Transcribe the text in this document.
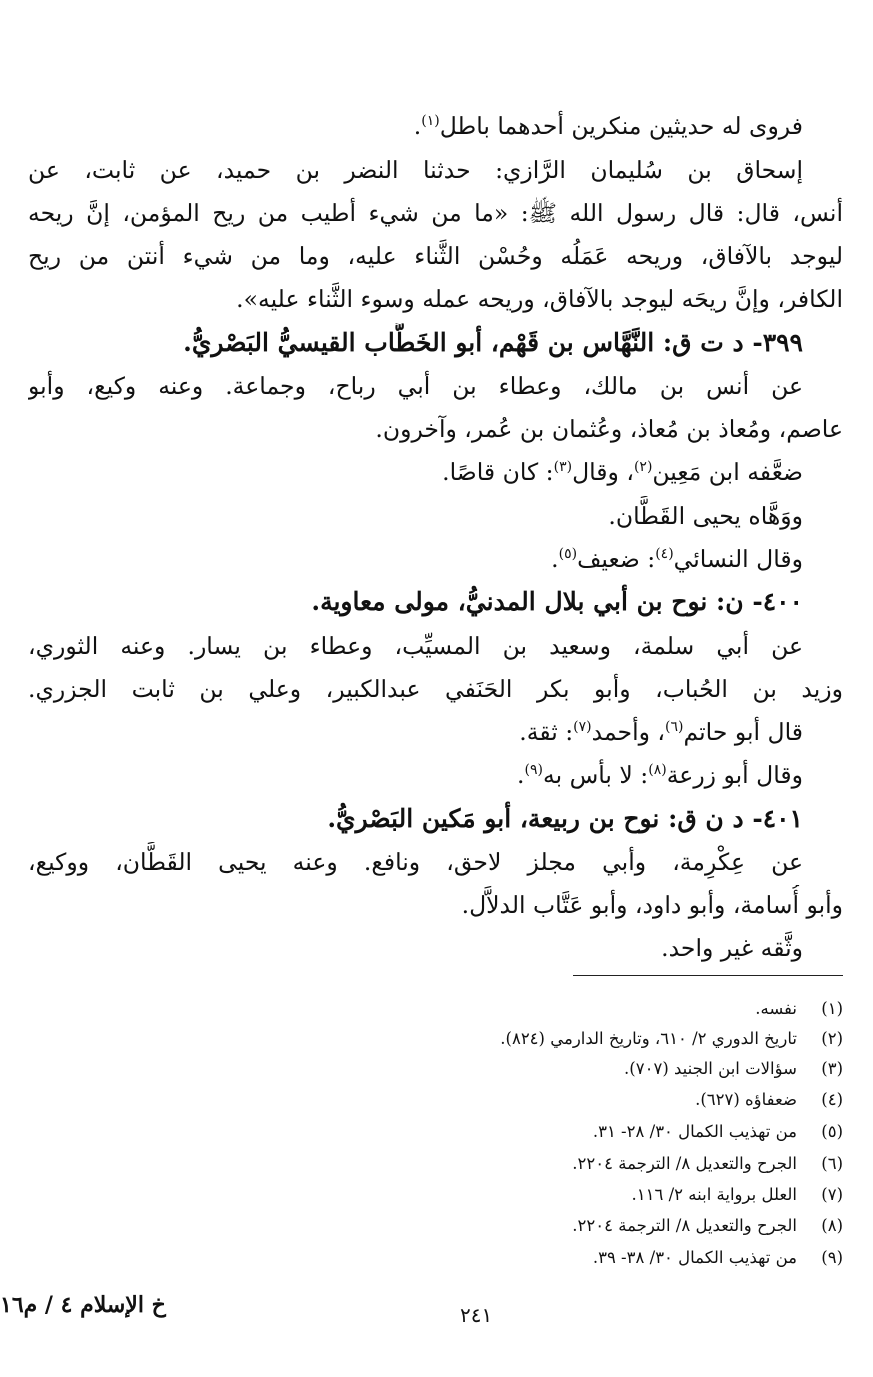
فروى له حديثين منكرين أحدهما باطل$^{(١)}$.
إسحاق بن سُليمان الرَّازي: حدثنا النضر بن حميد، عن ثابت، عن
أنس، قال: قال رسول الله ﷺ: «ما من شيء أطيب من ريح المؤمن، إنَّ ريحه
ليوجد بالآفاق، وريحه عَمَلُه وحُسْن الثَّناء عليه، وما من شيء أنتن من ريح
الكافر، وإنَّ ريحَه ليوجد بالآفاق، وريحه عمله وسوء الثَّناء عليه».
٣٩٩- د ت ق: النَّهَّاس بن قَهْم، أبو الخَطَّاب القيسيُّ البَصْريُّ.
عن أنس بن مالك، وعطاء بن أبي رباح، وجماعة. وعنه وكيع، وأبو
عاصم، ومُعاذ بن مُعاذ، وعُثمان بن عُمر، وآخرون.
ضعَّفه ابن مَعِين$^{(٢)}$، وقال$^{(٣)}$: كان قاصًا.
ووَهَّاه يحيى القَطَّان.
وقال النسائي$^{(٤)}$: ضعيف$^{(٥)}$.
٤٠٠- ن: نوح بن أبي بلال المدنيُّ، مولى معاوية.
عن أبي سلمة، وسعيد بن المسيِّب، وعطاء بن يسار. وعنه الثوري،
وزيد بن الحُباب، وأبو بكر الحَنَفي عبدالكبير، وعلي بن ثابت الجزري.
قال أبو حاتم$^{(٦)}$، وأحمد$^{(٧)}$: ثقة.
وقال أبو زرعة$^{(٨)}$: لا بأس به$^{(٩)}$.
٤٠١- د ن ق: نوح بن ربيعة، أبو مَكين البَصْريُّ.
عن عِكْرِمة، وأبي مجلز لاحق، ونافع. وعنه يحيى القَطَّان، ووكيع،
وأبو أُسامة، وأبو داود، وأبو عَتَّاب الدلاَّل.
وثَّقه غير واحد.
(١)نفسه.
(٢)تاريخ الدوري ٢/ ٦١٠، وتاريخ الدارمي (٨٢٤).
(٣)سؤالات ابن الجنيد (٧٠٧).
(٤)ضعفاؤه (٦٢٧).
(٥)من تهذيب الكمال ٣٠/ ٢٨- ٣١.
(٦)الجرح والتعديل ٨/ الترجمة ٢٢٠٤.
(٧)العلل برواية ابنه ٢/ ١١٦.
(٨)الجرح والتعديل ٨/ الترجمة ٢٢٠٤.
(٩)من تهذيب الكمال ٣٠/ ٣٨- ٣٩.
خ الإسلام ٤ / م١٦	٢٤١
